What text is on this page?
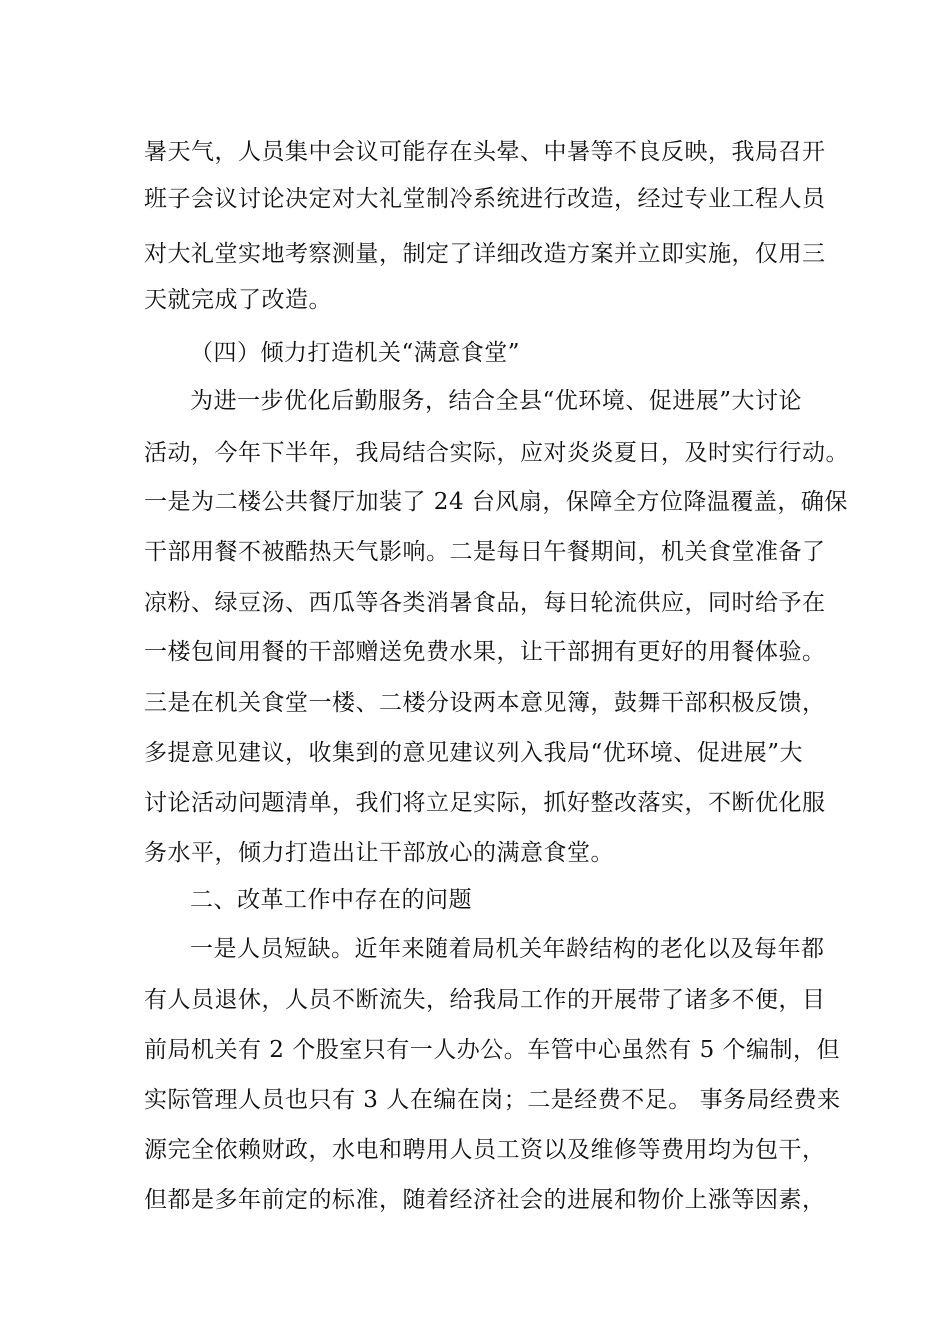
暑天气，人员集中会议可能存在头晕、中暑等不良反映，我局召开
班子会议讨论决定对大礼堂制冷系统进行改造，经过专业工程人员
对大礼堂实地考察测量，制定了详细改造方案并立即实施，仅用三
天就完成了改造。
（四）倾力打造机关“满意食堂”
为进一步优化后勤服务，结合全县“优环境、促进展”大讨论
活动，今年下半年，我局结合实际，应对炎炎夏日，及时实行行动。
一是为二楼公共餐厅加装了 24 台风扇，保障全方位降温覆盖，确保
干部用餐不被酷热天气影响。二是每日午餐期间，机关食堂准备了
凉粉、绿豆汤、西瓜等各类消暑食品，每日轮流供应，同时给予在
一楼包间用餐的干部赠送免费水果，让干部拥有更好的用餐体验。
三是在机关食堂一楼、二楼分设两本意见簿，鼓舞干部积极反馈，
多提意见建议，收集到的意见建议列入我局“优环境、促进展”大
讨论活动问题清单，我们将立足实际，抓好整改落实，不断优化服
务水平，倾力打造出让干部放心的满意食堂。
二、改革工作中存在的问题
一是人员短缺。近年来随着局机关年龄结构的老化以及每年都
有人员退休，人员不断流失，给我局工作的开展带了诸多不便，目
前局机关有 2 个股室只有一人办公。车管中心虽然有 5 个编制，但
实际管理人员也只有 3 人在编在岗；二是经费不足。 事务局经费来
源完全依赖财政，水电和聘用人员工资以及维修等费用均为包干，
但都是多年前定的标准，随着经济社会的进展和物价上涨等因素，
